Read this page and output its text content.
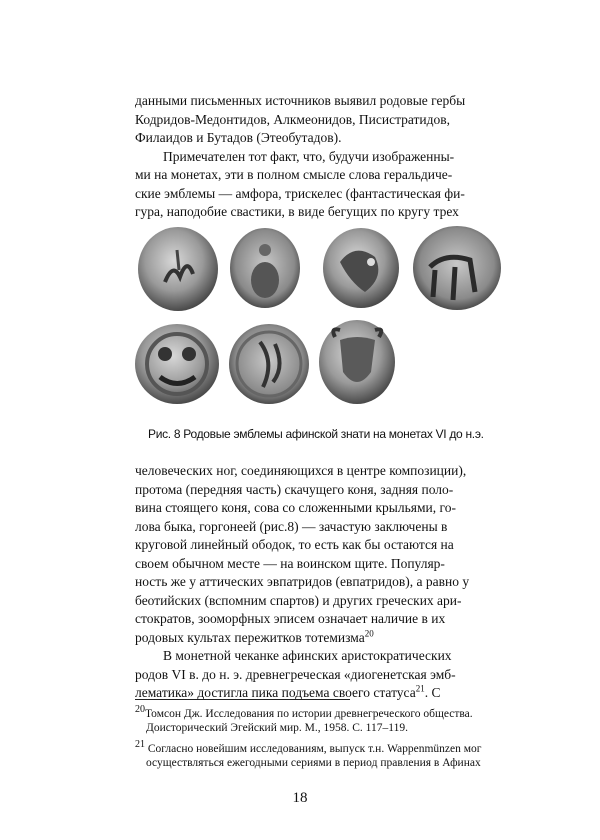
данными письменных источников выявил родовые гербы
Кодридов-Медонтидов, Алкмеонидов, Писистратидов,
Филаидов и Бутадов (Этеобутадов).

Примечателен тот факт, что, будучи изображенны-
ми на монетах, эти в полном смысле слова геральдиче-
ские эмблемы — амфора, трискелес (фантастическая фи-
гура, наподобие свастики, в виде бегущих по кругу трех

Рис. 8 Родовые эмблемы афинской знати на монетах VI до н.э.

человеческих ног, соединяющихся в центре композиции),
протома (передняя часть) скачущего коня, задняя поло-
вина стоящего коня, сова со сложенными крыльями, го-
лова быка, горгонеей (рис.8) — зачастую заключены в
круговой линейный ободок, то есть как бы остаются на
своем обычном месте — на воинском щите. Популяр-
ность же у аттических эвпатридов (евпатридов), а равно у
беотийских (вспомним спартов) и других греческих ари-
стократов, зооморфных эписем означает наличие в их
родовых культах пережитков тотемизма$^{20}$

В монетной чеканке афинских аристократических
родов VI в. до н. э. древнегреческая «диогенетская эмб-
лематика» достигла пика подъема своего статуса$^{21}$. С

$^{20}$Томсон Дж. Исследования по истории древнегреческого общества.
Доисторический Эгейский мир. М., 1958. С. 117–119.
$^{21}$ Согласно новейшим исследованиям, выпуск т.н. Wappenmünzen мог
осуществляться ежегодными сериями в период правления в Афинах
18
